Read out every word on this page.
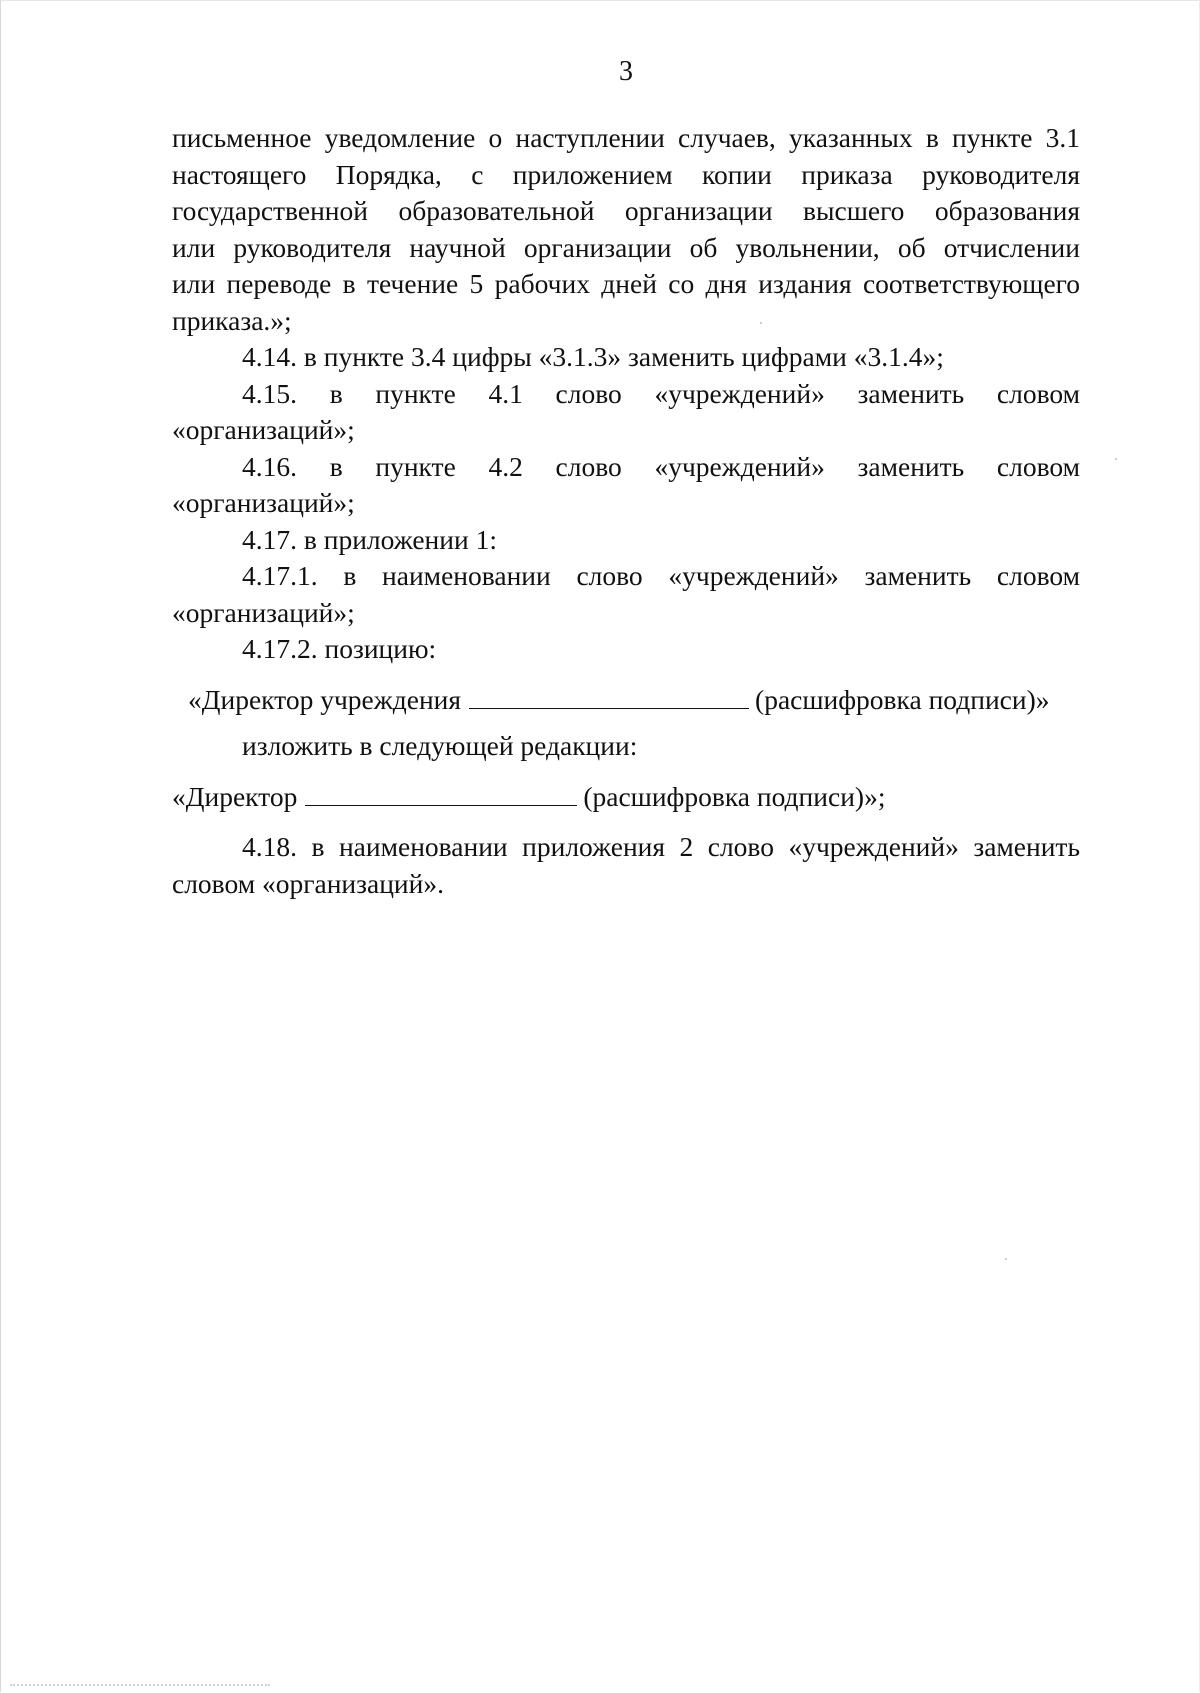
3
письменное уведомление о наступлении случаев, указанных в пункте 3.1
настоящего Порядка, с приложением копии приказа руководителя
государственной образовательной организации высшего образования
или руководителя научной организации об увольнении, об отчислении
или переводе в течение 5 рабочих дней со дня издания соответствующего
приказа.»;
4.14. в пункте 3.4 цифры «3.1.3» заменить цифрами «3.1.4»;
4.15. в пункте 4.1 слово «учреждений» заменить словом «организаций»;
4.16. в пункте 4.2 слово «учреждений» заменить словом «организаций»;
4.17. в приложении 1:
4.17.1. в наименовании слово «учреждений» заменить словом «организаций»;
4.17.2. позицию:
«Директор учреждения	(расшифровка подписи)»
изложить в следующей редакции:
«Директор	(расшифровка подписи)»;
4.18. в наименовании приложения 2 слово «учреждений» заменить словом «организаций».
